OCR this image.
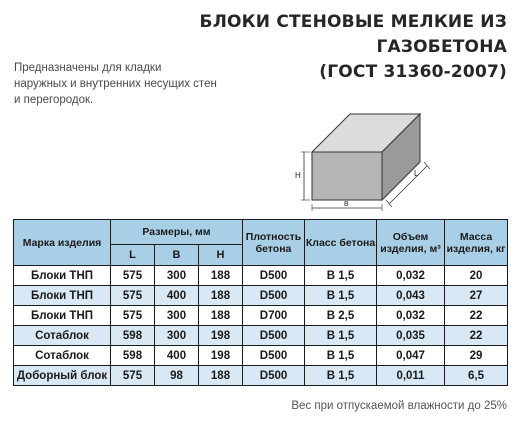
БЛОКИ СТЕНОВЫЕ МЕЛКИЕ ИЗ ГАЗОБЕТОНА
(ГОСТ 31360-2007)
Предназначены для кладки
наружных и внутренних несущих стен
и перегородок.
H
B
L
Марка изделия	Размеры, мм			Плотность бетона	Класс бетона	Объем изделия, м³	Масса изделия, кг
	L	B	H				
Блоки ТНП	575	300	188	D500	B 1,5	0,032	20
Блоки ТНП	575	400	188	D500	B 1,5	0,043	27
Блоки ТНП	575	300	188	D700	B 2,5	0,032	22
Сотаблок	598	300	198	D500	B 1,5	0,035	22
Сотаблок	598	400	198	D500	B 1,5	0,047	29
Доборный блок	575	98	188	D500	B 1,5	0,011	6,5
Вес при отпускаемой влажности до 25%
